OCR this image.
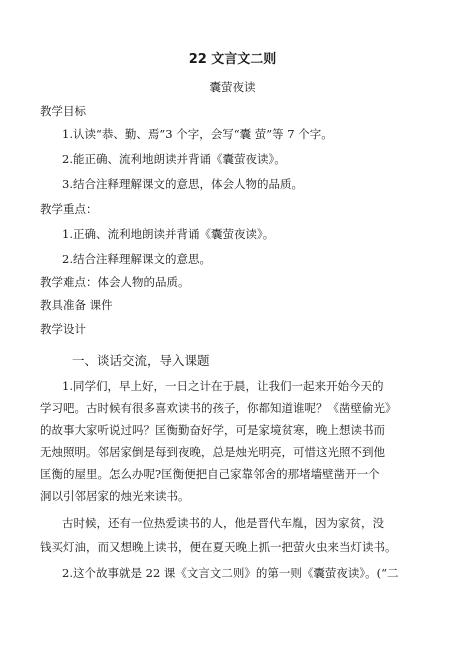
22 文言文二则
囊萤夜读
教学目标
1.认读“恭、勤、焉”3 个字，会写“囊 萤”等 7 个字。
2.能正确、流利地朗读并背诵《囊萤夜读》。
3.结合注释理解课文的意思，体会人物的品质。
教学重点：
1.正确、流利地朗读并背诵《囊萤夜读》。
2.结合注释理解课文的意思。
教学难点：体会人物的品质。
教具准备 课件
教学设计
一、谈话交流，导入课题
1.同学们，早上好，一日之计在于晨，让我们一起来开始今天的
学习吧。古时候有很多喜欢读书的孩子，你都知道谁呢？《凿壁偷光》
的故事大家听说过吗？匡衡勤奋好学，可是家境贫寒，晚上想读书而
无烛照明。邻居家倒是每到夜晚，总是烛光明亮，可惜这光照不到他
匡衡的屋里。怎么办呢?匡衡便把自己家靠邻舍的那堵墙壁凿开一个
洞以引邻居家的烛光来读书。
古时候，还有一位热爱读书的人，他是晋代车胤，因为家贫，没
钱买灯油，而又想晚上读书，便在夏天晚上抓一把萤火虫来当灯读书。
2.这个故事就是 22 课《文言文二则》的第一则《囊萤夜读》。(“二
